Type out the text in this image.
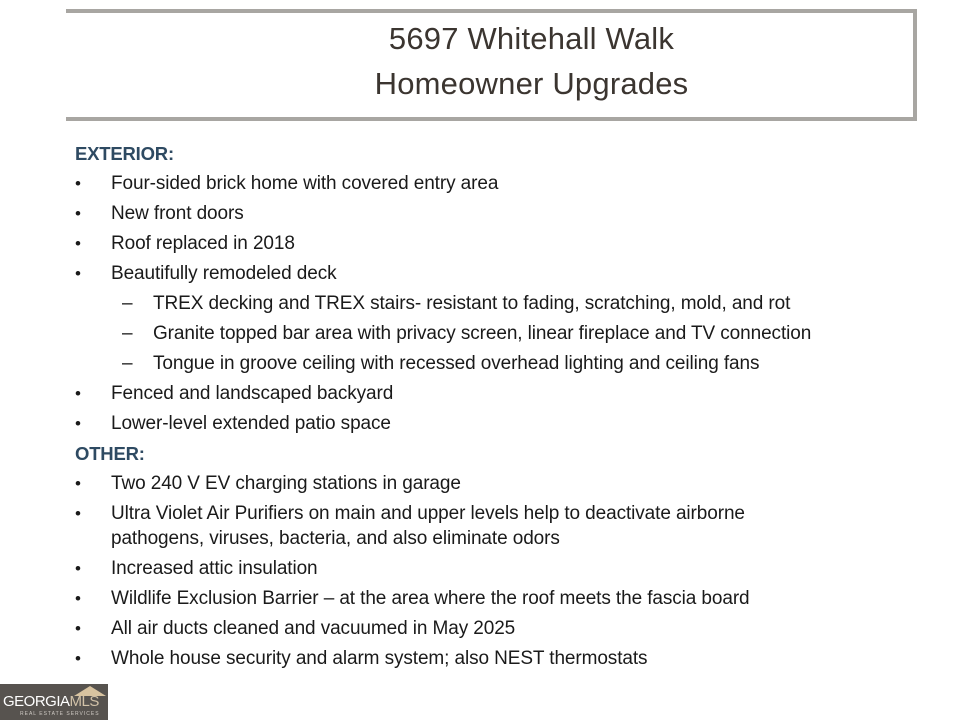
5697 Whitehall Walk
Homeowner Upgrades
EXTERIOR:
•	Four-sided brick home with covered entry area
•	New front doors
•	Roof replaced in 2018
•	Beautifully remodeled deck
– TREX decking and TREX stairs- resistant to fading, scratching, mold, and rot
– Granite topped bar area with privacy screen, linear fireplace and TV connection
– Tongue in groove ceiling with recessed overhead lighting and ceiling fans
•	Fenced and landscaped backyard
•	Lower-level extended patio space
OTHER:
•	Two 240 V EV charging stations in garage
•	Ultra Violet Air Purifiers on main and upper levels help to deactivate airborne pathogens, viruses, bacteria, and also eliminate odors
•	Increased attic insulation
•	Wildlife Exclusion Barrier – at the area where the roof meets the fascia board
•	All air ducts cleaned and vacuumed in May 2025
•	Whole house security and alarm system; also NEST thermostats
GEORGIAMLS
REAL ESTATE SERVICES
